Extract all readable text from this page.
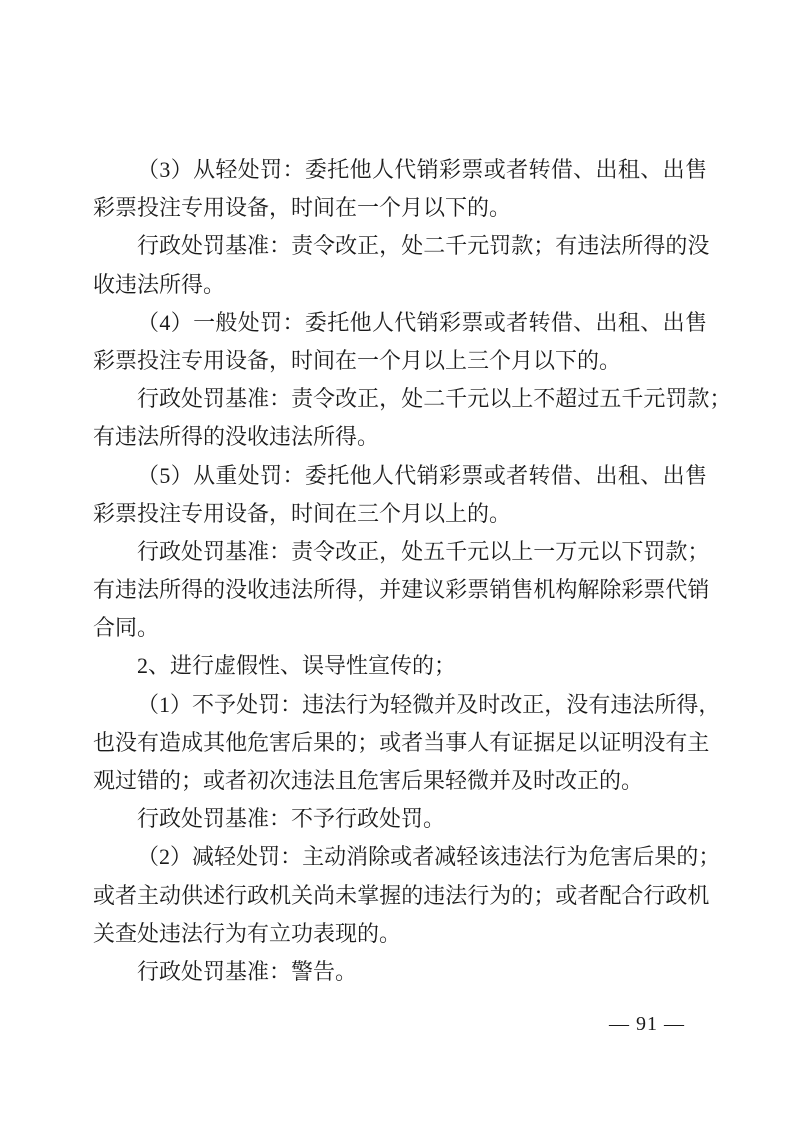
（ 3 ） 从 轻 处 罚 ： 委 托 他 人 代 销 彩 票 或 者 转 借 、 出 租 、 出 售
彩票投注专用设备，时间在一个月以下的。
行 政 处 罚 基 准 ： 责 令 改 正 ， 处 二 千 元 罚 款 ； 有 违 法 所 得 的 没
收违法所得。
（ 4 ） 一 般 处 罚 ： 委 托 他 人 代 销 彩 票 或 者 转 借 、 出 租 、 出 售
彩票投注专用设备，时间在一个月以上三个月以下的。
行 政 处 罚 基 准 ： 责 令 改 正 ， 处 二 千 元 以 上 不 超 过 五 千 元 罚 款 ；
有违法所得的没收违法所得。
（ 5 ） 从 重 处 罚 ： 委 托 他 人 代 销 彩 票 或 者 转 借 、 出 租 、 出 售
彩票投注专用设备，时间在三个月以上的。
行 政 处 罚 基 准 ： 责 令 改 正 ， 处 五 千 元 以 上 一 万 元 以 下 罚 款 ；
有 违 法 所 得 的 没 收 违 法 所 得 ， 并 建 议 彩 票 销 售 机 构 解 除 彩 票 代 销
合同。
2、进行虚假性、误导性宣传的；
（ 1 ） 不 予 处 罚 ： 违 法 行 为 轻 微 并 及 时 改 正 ， 没 有 违 法 所 得 ，
也 没 有 造 成 其 他 危 害 后 果 的 ； 或 者 当 事 人 有 证 据 足 以 证 明 没 有 主
观过错的；或者初次违法且危害后果轻微并及时改正的。
行政处罚基准：不予行政处罚。
（ 2 ） 减 轻 处 罚 ： 主 动 消 除 或 者 减 轻 该 违 法 行 为 危 害 后 果 的 ；
或 者 主 动 供 述 行 政 机 关 尚 未 掌 握 的 违 法 行 为 的 ； 或 者 配 合 行 政 机
关查处违法行为有立功表现的。
行政处罚基准：警告。
— 91 —
